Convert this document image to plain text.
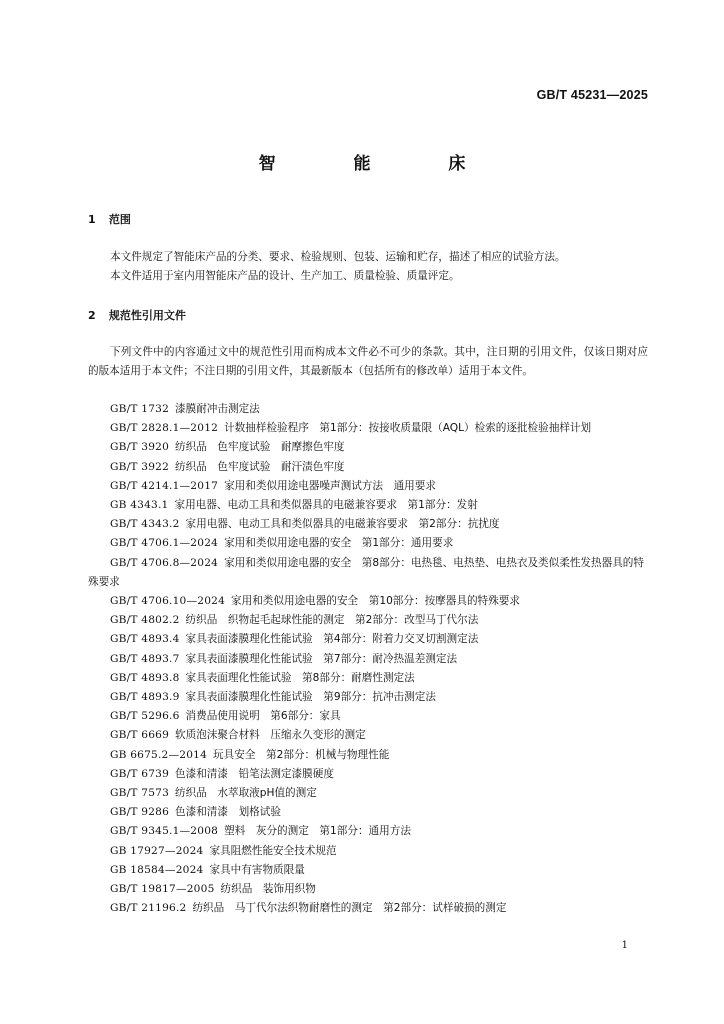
GB/T 45231—2025
智 能 床
1 范围
本文件规定了智能床产品的分类、要求、检验规则、包装、运输和贮存，描述了相应的试验方法。
本文件适用于室内用智能床产品的设计、生产加工、质量检验、质量评定。
2 规范性引用文件
下列文件中的内容通过文中的规范性引用而构成本文件必不可少的条款。其中，注日期的引用文件，仅该日期对应的版本适用于本文件；不注日期的引用文件，其最新版本（包括所有的修改单）适用于本文件。
GB/T 1732 漆膜耐冲击测定法
GB/T 2828.1—2012 计数抽样检验程序　第1部分：按接收质量限（AQL）检索的逐批检验抽样计划
GB/T 3920 纺织品　色牢度试验　耐摩擦色牢度
GB/T 3922 纺织品　色牢度试验　耐汗渍色牢度
GB/T 4214.1—2017 家用和类似用途电器噪声测试方法　通用要求
GB 4343.1 家用电器、电动工具和类似器具的电磁兼容要求　第1部分：发射
GB/T 4343.2 家用电器、电动工具和类似器具的电磁兼容要求　第2部分：抗扰度
GB/T 4706.1—2024 家用和类似用途电器的安全　第1部分：通用要求
GB/T 4706.8—2024 家用和类似用途电器的安全　第8部分：电热毯、电热垫、电热衣及类似柔性发热器具的特殊要求
GB/T 4706.10—2024 家用和类似用途电器的安全　第10部分：按摩器具的特殊要求
GB/T 4802.2 纺织品　织物起毛起球性能的测定　第2部分：改型马丁代尔法
GB/T 4893.4 家具表面漆膜理化性能试验　第4部分：附着力交叉切割测定法
GB/T 4893.7 家具表面漆膜理化性能试验　第7部分：耐冷热温差测定法
GB/T 4893.8 家具表面理化性能试验　第8部分：耐磨性测定法
GB/T 4893.9 家具表面漆膜理化性能试验　第9部分：抗冲击测定法
GB/T 5296.6 消费品使用说明　第6部分：家具
GB/T 6669 软质泡沫聚合材料　压缩永久变形的测定
GB 6675.2—2014 玩具安全　第2部分：机械与物理性能
GB/T 6739 色漆和清漆　铅笔法测定漆膜硬度
GB/T 7573 纺织品　水萃取液pH值的测定
GB/T 9286 色漆和清漆　划格试验
GB/T 9345.1—2008 塑料　灰分的测定　第1部分：通用方法
GB 17927—2024 家具阻燃性能安全技术规范
GB 18584—2024 家具中有害物质限量
GB/T 19817—2005 纺织品　装饰用织物
GB/T 21196.2 纺织品　马丁代尔法织物耐磨性的测定　第2部分：试样破损的测定
1
